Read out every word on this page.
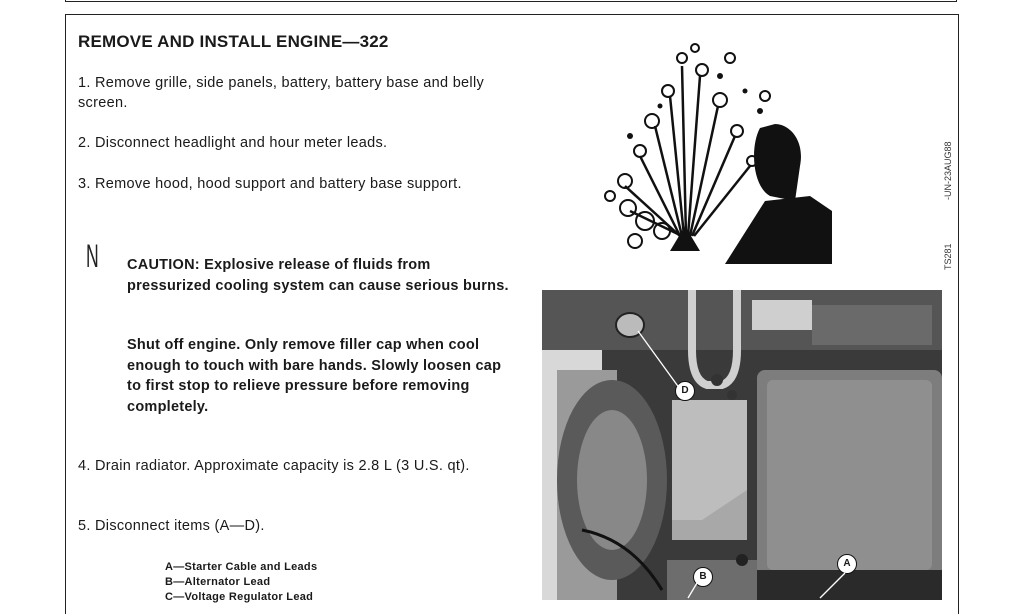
REMOVE AND INSTALL ENGINE—322

1. Remove grille, side panels, battery, battery base and belly screen.

2. Disconnect headlight and hour meter leads.

3. Remove hood, hood support and battery base support.

N CAUTION: Explosive release of fluids from pressurized cooling system can cause serious burns.

Shut off engine. Only remove filler cap when cool enough to touch with bare hands. Slowly loosen cap to first stop to relieve pressure before removing completely.

4. Drain radiator. Approximate capacity is 2.8 L (3 U.S. qt).

5. Disconnect items (A—D).

A—Starter Cable and Leads
B—Alternator Lead
C—Voltage Regulator Lead
-UN-23AUG88
TS281
D
B
A
